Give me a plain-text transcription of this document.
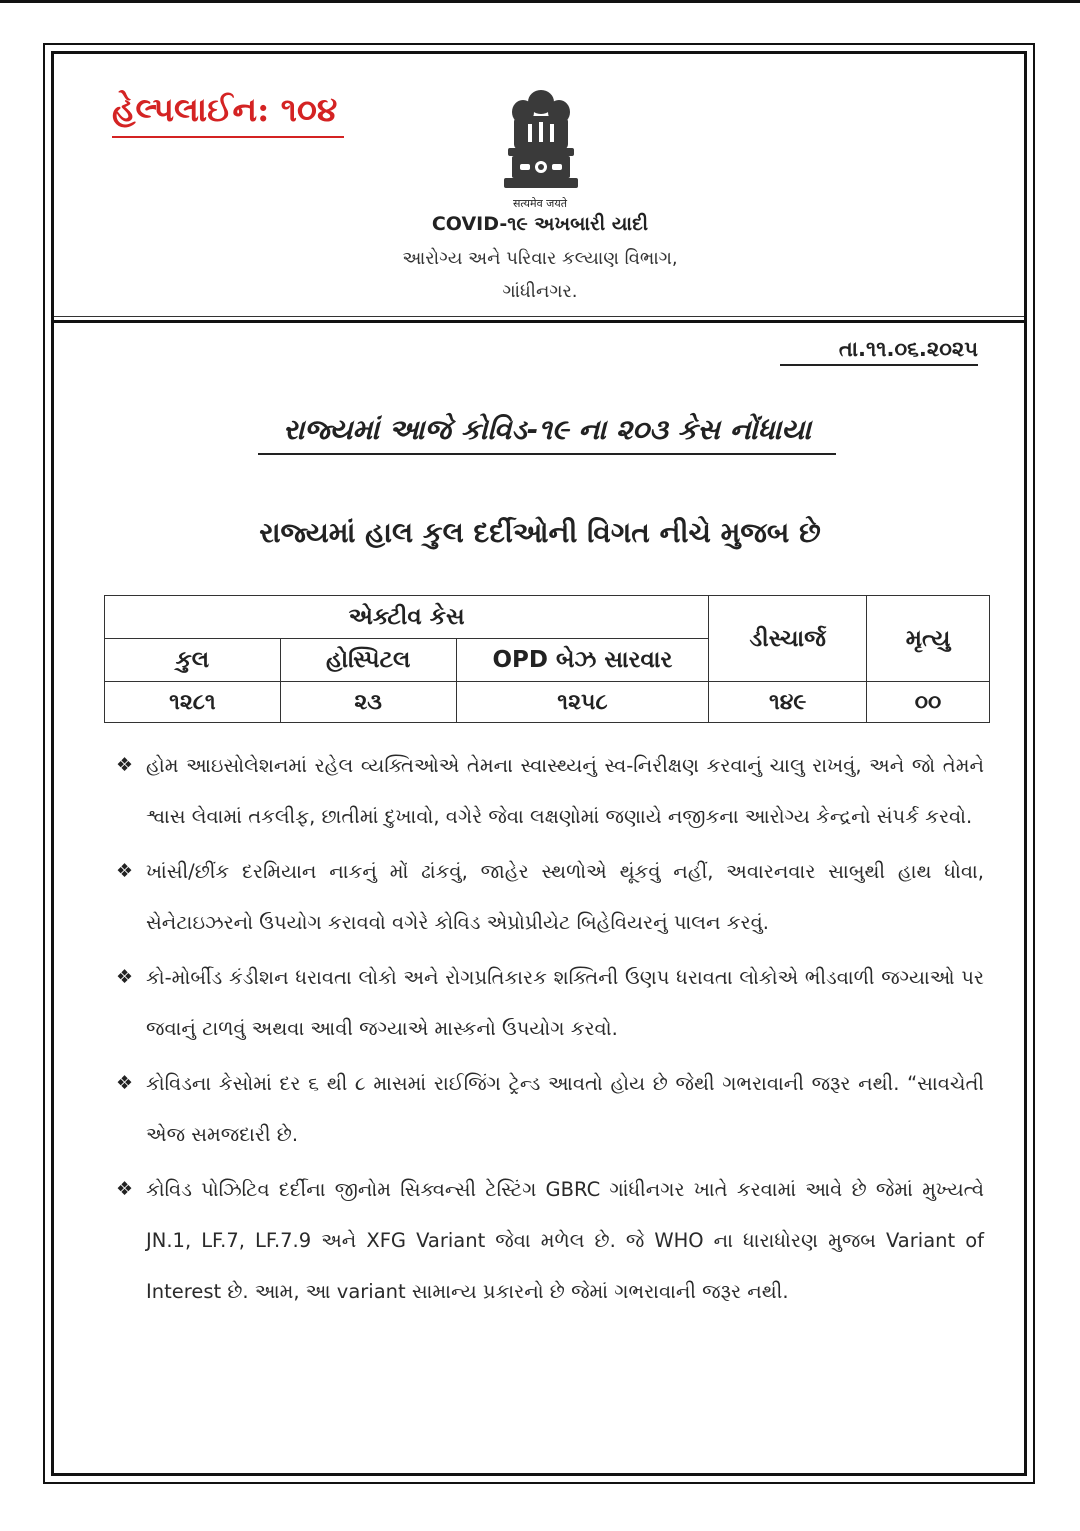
હેલ્પલાઈન: ૧૦૪
सत्यमेव जयते
COVID-૧૯ અખબારી યાદી
આરોગ્ય અને પરિવાર કલ્યાણ વિભાગ,
ગાંધીનગર.
તા.૧૧.૦૬.૨૦૨૫
રાજ્યમાં આજે કોવિડ-૧૯ ના ૨૦૩ કેસ નોંધાયા
રાજ્યમાં હાલ કુલ દર્દીઓની વિગત નીચે મુજબ છે
એક્ટીવ કેસ			ડીસ્ચાર્જ	મૃત્યુ
કુલ	હોસ્પિટલ	OPD બેઝ સારવાર		
૧૨૮૧	૨૩	૧૨૫૮	૧૪૯	૦૦
❖ હોમ આઇસોલેશનમાં રહેલ વ્યક્તિઓએ તેમના સ્વાસ્થ્યનું સ્વ-નિરીક્ષણ કરવાનું ચાલુ રાખવું, અને જો તેમને શ્વાસ લેવામાં તકલીફ, છાતીમાં દુખાવો, વગેરે જેવા લક્ષણોમાં જણાયે નજીકના આરોગ્ય કેન્દ્રનો સંપર્ક કરવો.
❖ ખાંસી/છીંક દરમિયાન નાકનું મોં ઢાંકવું, જાહેર સ્થળોએ થૂંકવું નહીં, અવારનવાર સાબુથી હાથ ધોવા, સેનેટાઇઝરનો ઉપયોગ કરાવવો વગેરે કોવિડ એપ્રોપ્રીયેટ બિહેવિયરનું પાલન કરવું.
❖ કો-મોર્બીડ કંડીશન ધરાવતા લોકો અને રોગપ્રતિકારક શક્તિની ઉણપ ધરાવતા લોકોએ ભીડવાળી જગ્યાઓ પર જવાનું ટાળવું અથવા આવી જગ્યાએ માસ્કનો ઉપયોગ કરવો.
❖ કોવિડના કેસોમાં દર ૬ થી ૮ માસમાં રાઈજિંગ ટ્રેન્ડ આવતો હોય છે જેથી ગભરાવાની જરૂર નથી. “સાવચેતી એજ સમજદારી છે.
❖ કોવિડ પોઝિટિવ દર્દીના જીનોમ સિક્વન્સી ટેસ્ટિંગ GBRC ગાંધીનગર ખાતે કરવામાં આવે છે જેમાં મુખ્યત્વે JN.1, LF.7, LF.7.9 અને XFG Variant જેવા મળેલ છે. જે WHO ના ધારાધોરણ મુજબ Variant of Interest છે. આમ, આ variant સામાન્ય પ્રકારનો છે જેમાં ગભરાવાની જરૂર નથી.
